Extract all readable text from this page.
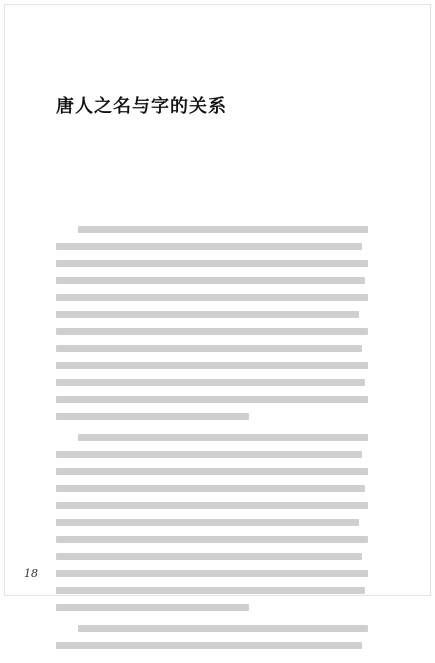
唐人之名与字的关系
18
